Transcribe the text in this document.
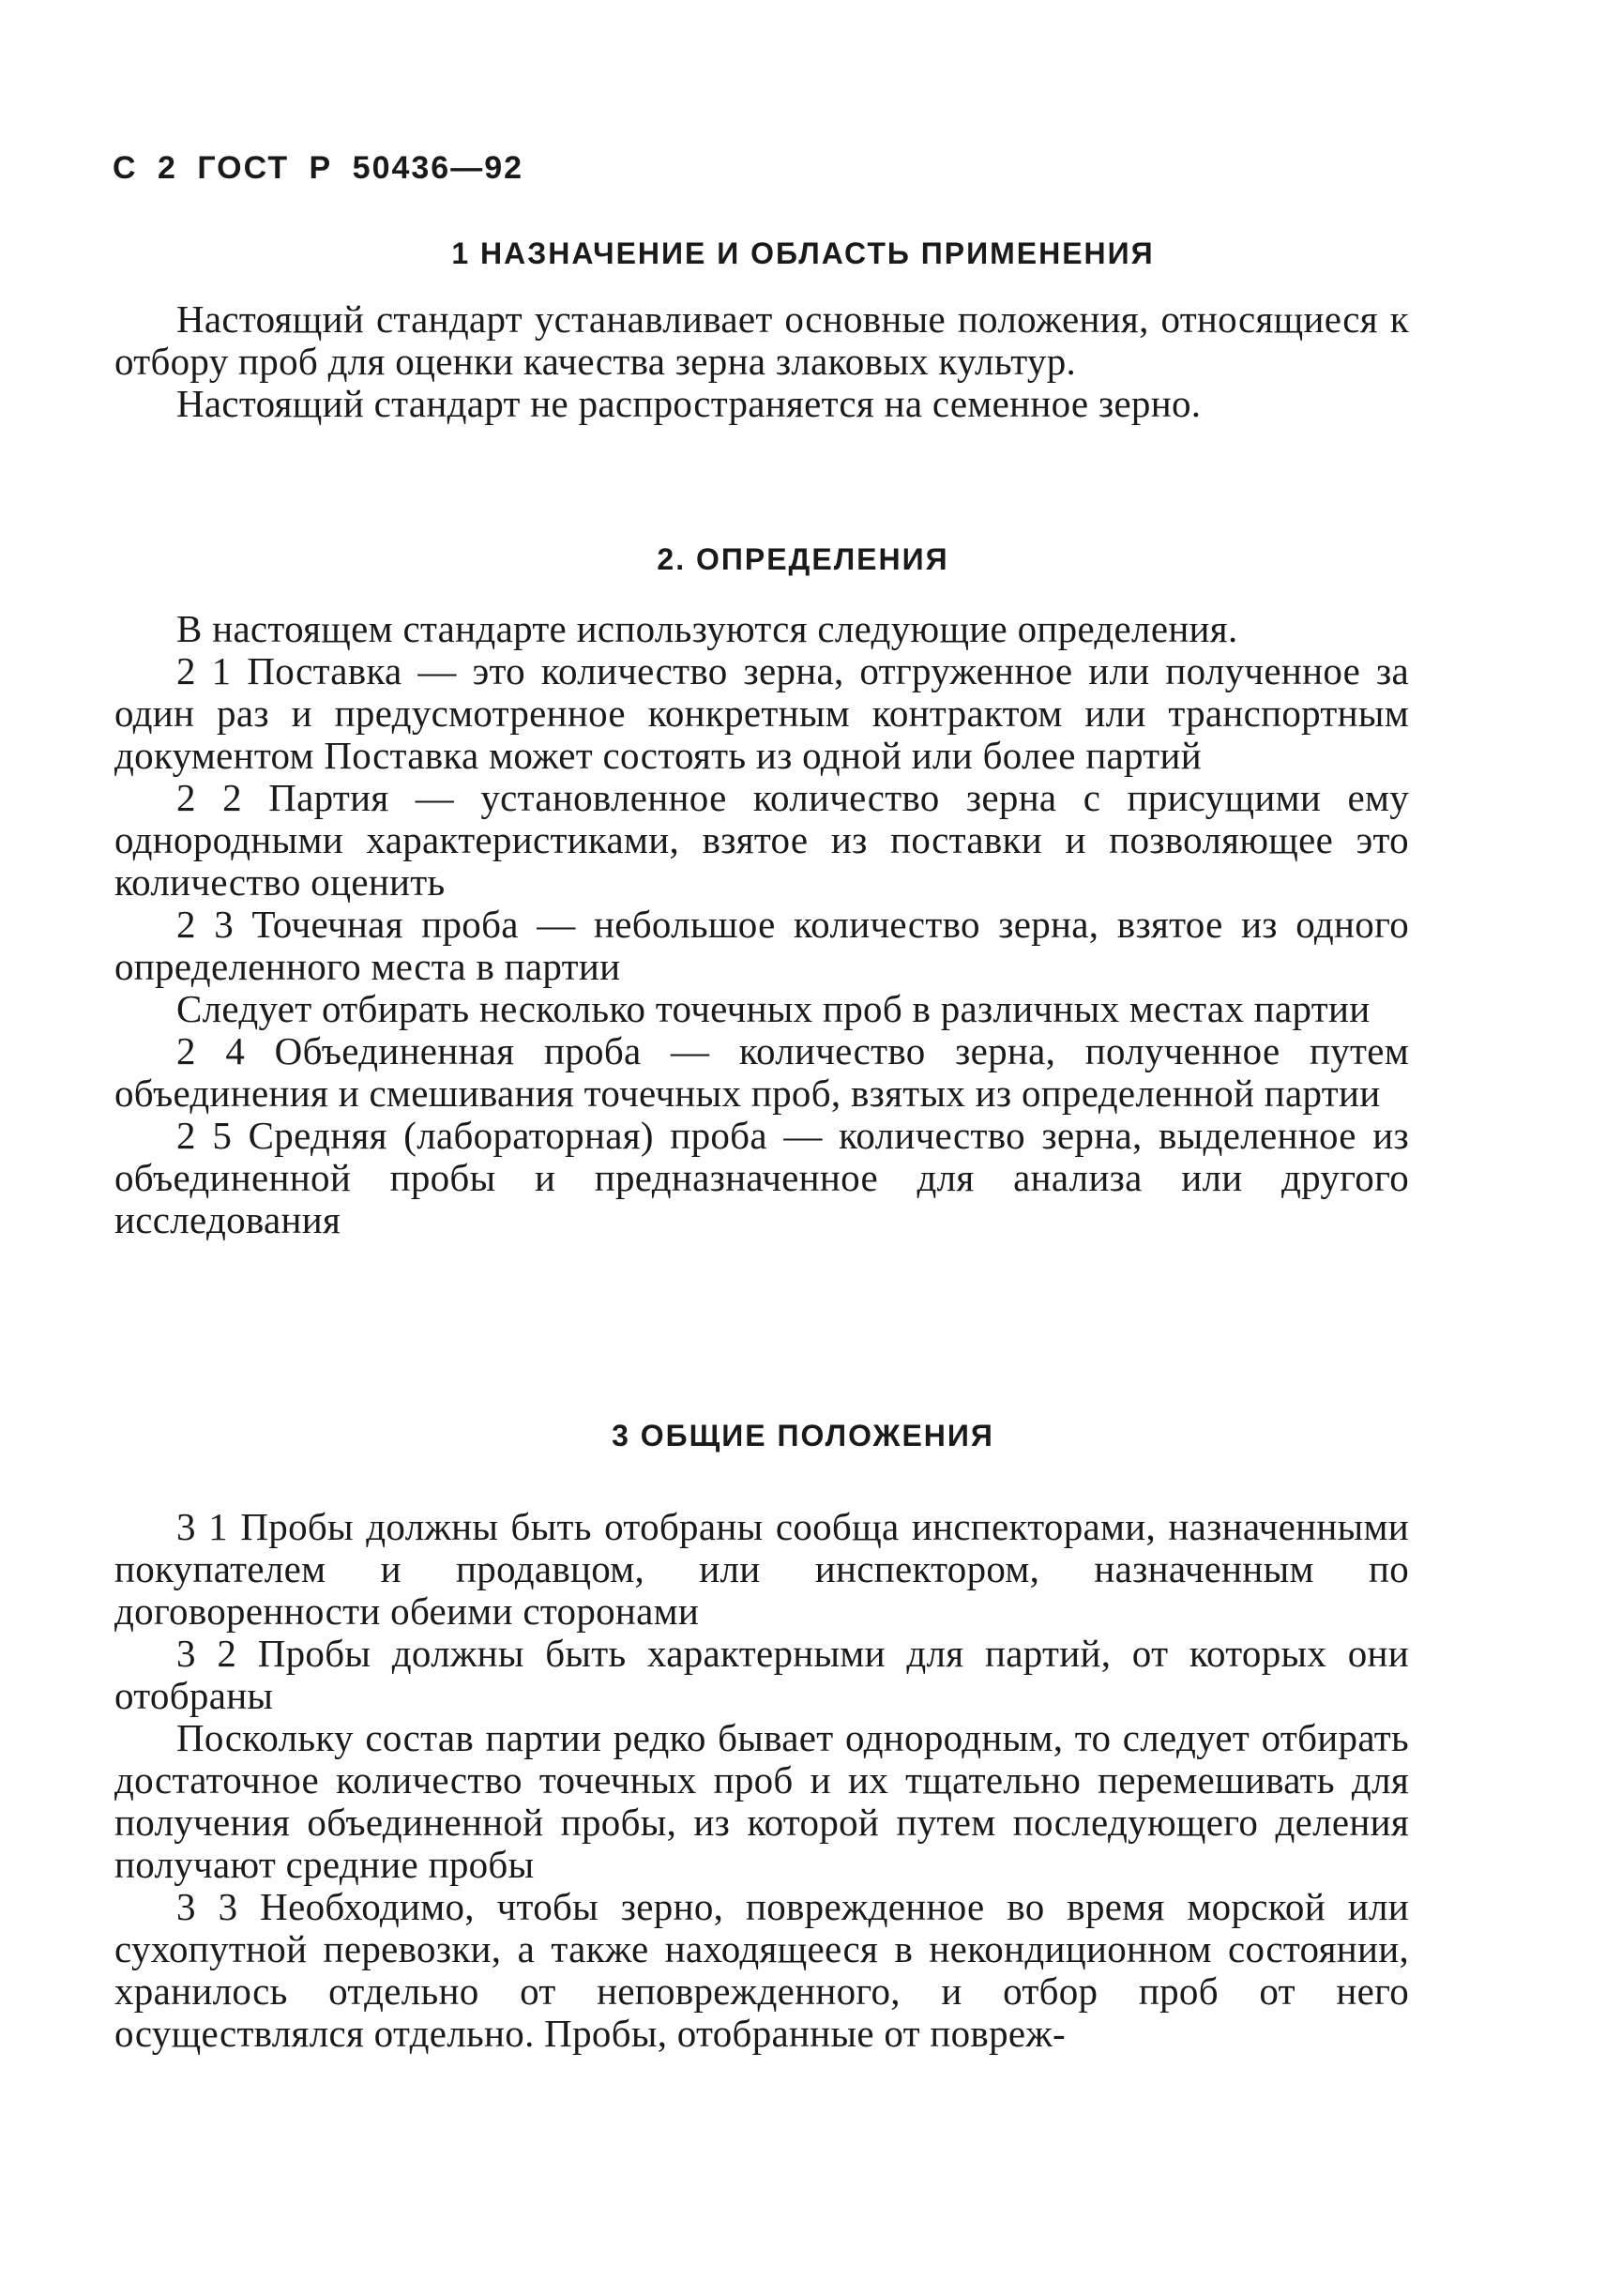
С 2 ГОСТ Р 50436—92
1 НАЗНАЧЕНИЕ И ОБЛАСТЬ ПРИМЕНЕНИЯ

Настоящий стандарт устанавливает основные положения, относящиеся к отбору проб для оценки качества зерна злаковых культур.

Настоящий стандарт не распространяется на семенное зерно.

2. ОПРЕДЕЛЕНИЯ

В настоящем стандарте используются следующие определения.

2 1 Поставка — это количество зерна, отгруженное или полученное за один раз и предусмотренное конкретным контрактом или транспортным документом Поставка может состоять из одной или более партий

2 2 Партия — установленное количество зерна с присущими ему однородными характеристиками, взятое из поставки и позволяющее это количество оценить

2 3 Точечная проба — небольшое количество зерна, взятое из одного определенного места в партии

Следует отбирать несколько точечных проб в различных местах партии

2 4 Объединенная проба — количество зерна, полученное путем объединения и смешивания точечных проб, взятых из определенной партии

2 5 Средняя (лабораторная) проба — количество зерна, выделенное из объединенной пробы и предназначенное для анализа или другого исследования

3 ОБЩИЕ ПОЛОЖЕНИЯ

3 1 Пробы должны быть отобраны сообща инспекторами, назначенными покупателем и продавцом, или инспектором, назначенным по договоренности обеими сторонами

3 2 Пробы должны быть характерными для партий, от которых они отобраны

Поскольку состав партии редко бывает однородным, то следует отбирать достаточное количество точечных проб и их тщательно перемешивать для получения объединенной пробы, из которой путем последующего деления получают средние пробы

3 3 Необходимо, чтобы зерно, поврежденное во время морской или сухопутной перевозки, а также находящееся в некондиционном состоянии, хранилось отдельно от неповрежденного, и отбор проб от него осуществлялся отдельно. Пробы, отобранные от повреж-
